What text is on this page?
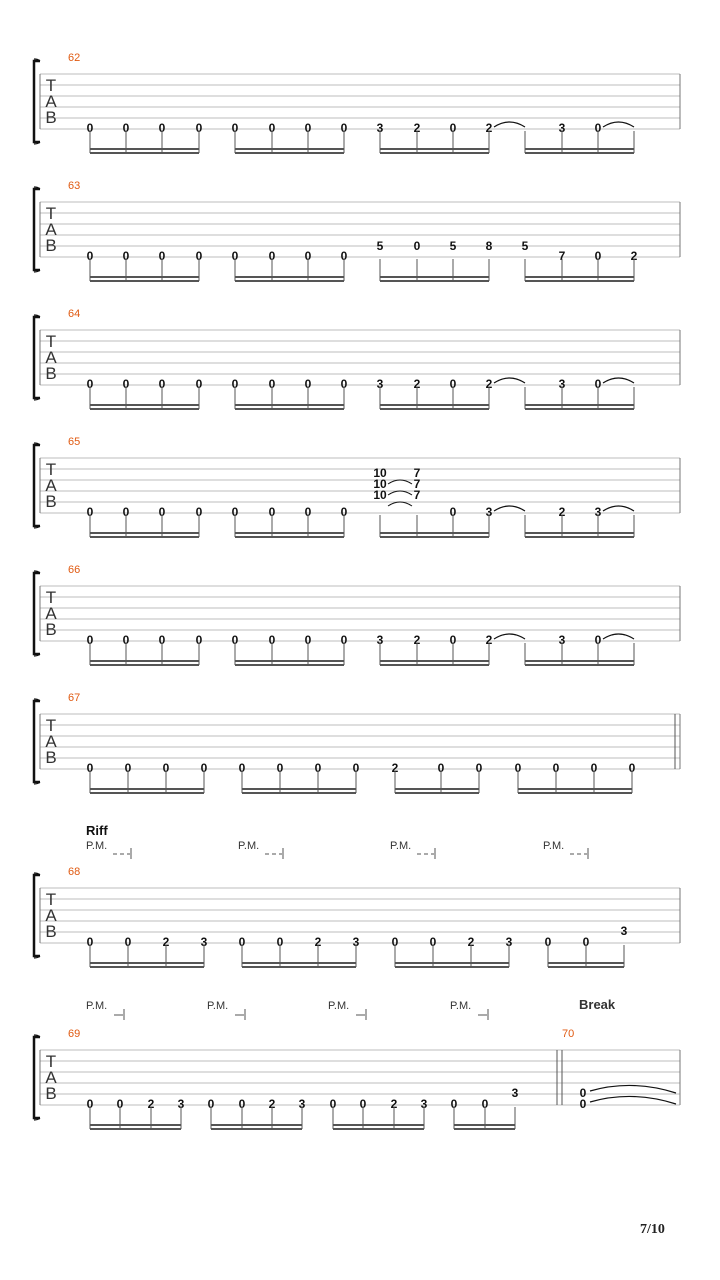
62
T
A
B
0 0 0	0 0	0 0 0 3	2 0 2	3 0
63
T
A
B
0 0 0	0 0	0 0 0
5	0 5 8 5
7 0 2
64
T
A
B
0 0 0	0 0	0 0 0 3	2 0 2	3 0
65
T
A
B
0 0 0	0 0	0 0 0
10
10
10
7
7
7
0 3	2 3
66
T
A
B
0 0 0	0 0	0 0 0 3	2 0 2	3 0
67
T
A
B
0	0	0	0	0	0	0	0	2	0	0	0	0	0	0
Riff
P.M.	P.M.	P.M.	P.M.
68
T
A
B
0	0	2	3	0	0	2	3	0	0	2	3	0	0
3
P.M.	P.M.	P.M.	P.M.	Break
69	70
T
A
B
0 0 2 3 0 0 2 3 0 0 2 3 0 0
3	0
0
7/10
